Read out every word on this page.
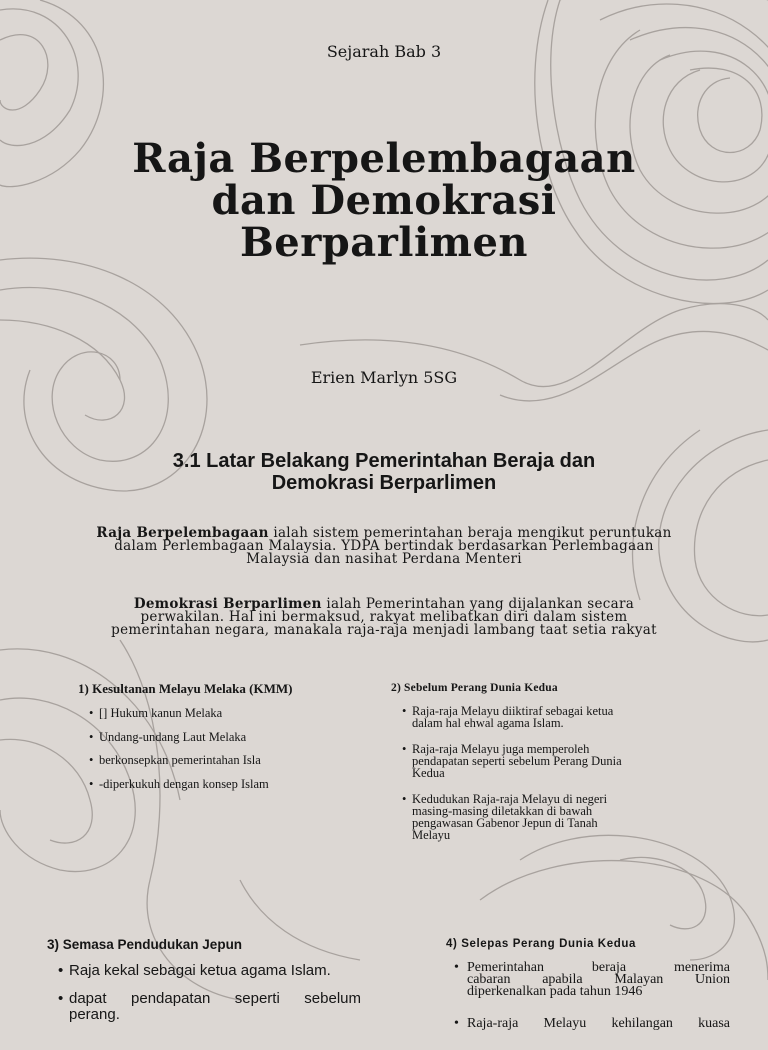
Sejarah Bab 3
Raja Berpelembagaan
dan Demokrasi
Berparlimen
Erien Marlyn 5SG
3.1 Latar Belakang Pemerintahan Beraja dan
Demokrasi Berparlimen
Raja Berpelembagaan ialah sistem pemerintahan beraja mengikut peruntukan
dalam Perlembagaan Malaysia. YDPA bertindak berdasarkan Perlembagaan
Malaysia dan nasihat Perdana Menteri
Demokrasi Berparlimen ialah Pemerintahan yang dijalankan secara
perwakilan. Hal ini bermaksud, rakyat melibatkan diri dalam sistem
pemerintahan negara, manakala raja-raja menjadi lambang taat setia rakyat
1) Kesultanan Melayu Melaka (KMM)
• [] Hukum kanun Melaka
• Undang-undang Laut Melaka
• berkonsepkan pemerintahan Isla
• -diperkukuh dengan konsep Islam
2) Sebelum Perang Dunia Kedua
• Raja-raja Melayu diiktiraf sebagai ketua
dalam hal ehwal agama Islam.
• Raja-raja Melayu juga memperoleh
pendapatan seperti sebelum Perang Dunia
Kedua
• Kedudukan Raja-raja Melayu di negeri
masing-masing diletakkan di bawah
pengawasan Gabenor Jepun di Tanah
Melayu
3) Semasa Pendudukan Jepun
• Raja kekal sebagai ketua agama Islam.
• dapat pendapatan seperti sebelum
perang.
4) Selepas Perang Dunia Kedua
• Pemerintahan beraja menerima
cabaran apabila Malayan Union
diperkenalkan pada tahun 1946
• Raja-raja Melayu kehilangan kuasa
